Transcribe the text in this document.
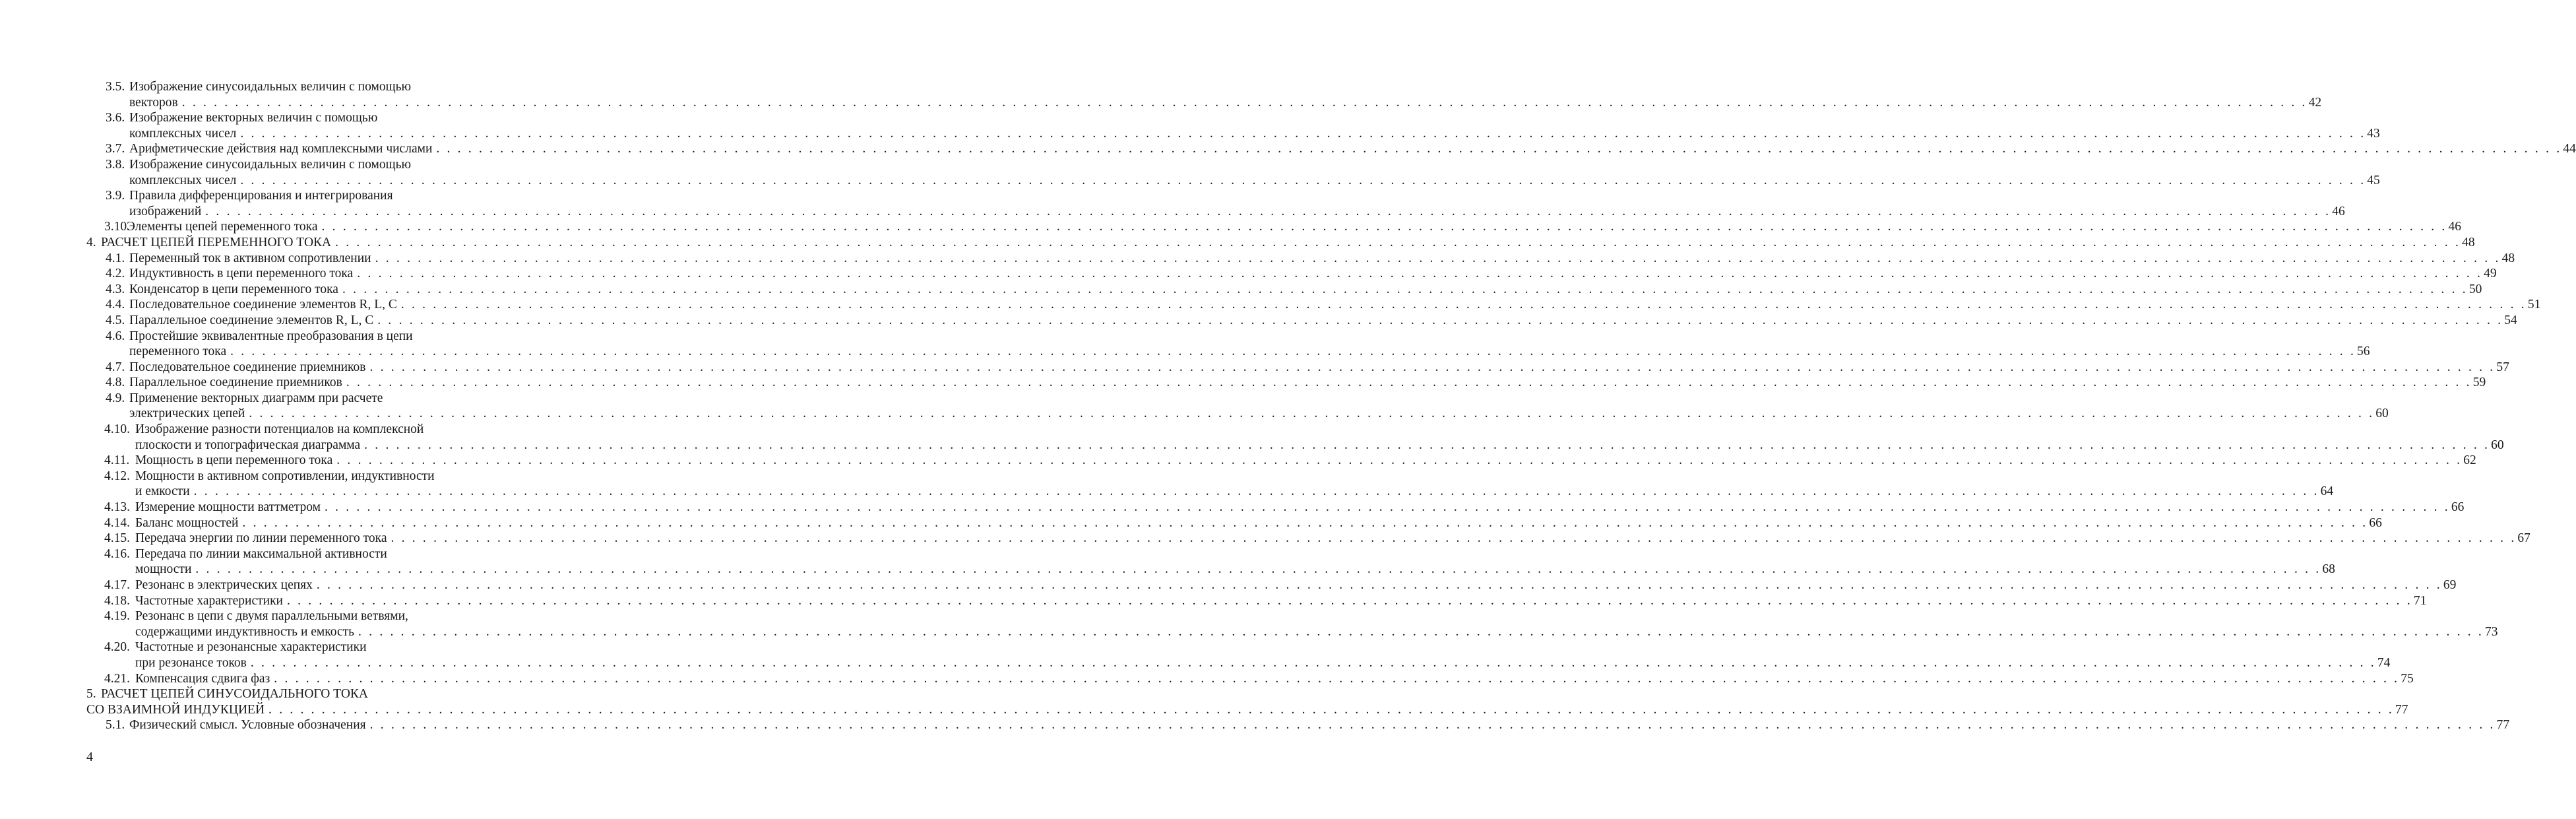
3.5. Изображение синусоидальных величин с помощью
векторов . . . . . . . . . . . . . . . . . . . . . . . . . . . . . . . . . . . . . . . . . . . . . . . . . . . . . . . . . . . . . . . . . . . . . . . . . . . . . . . . . . . . . . . . . . . . . . . . . . . . . . . . . . . . . . . . . . . . . . . . . . . . . . . . . . . . . . . . . . . . . . . . . . . . . . . . . . . . . . . . . . . . . . . . . . . . . . . . . . . . . . . . . . . . . . . . . . . . . . . . 42
3.6. Изображение векторных величин с помощью
комплексных чисел . . . . . . . . . . . . . . . . . . . . . . . . . . . . . . . . . . . . . . . . . . . . . . . . . . . . . . . . . . . . . . . . . . . . . . . . . . . . . . . . . . . . . . . . . . . . . . . . . . . . . . . . . . . . . . . . . . . . . . . . . . . . . . . . . . . . . . . . . . . . . . . . . . . . . . . . . . . . . . . . . . . . . . . . . . . . . . . . . . . . . . . . . . . . . . . . . . . . . . . . 43
3.7. Арифметические действия над комплексными числами . . . . . . . . . . . . . . . . . . . . . . . . . . . . . . . . . . . . . . . . . . . . . . . . . . . . . . . . . . . . . . . . . . . . . . . . . . . . . . . . . . . . . . . . . . . . . . . . . . . . . . . . . . . . . . . . . . . . . . . . . . . . . . . . . . . . . . . . . . . . . . . . . . . . . . . . . . . . . . . . . . . . . . . . . . . . . . . . . . . . . . . . . . . . . . . . . . . . . . . . 44
3.8. Изображение синусоидальных величин с помощью
комплексных чисел . . . . . . . . . . . . . . . . . . . . . . . . . . . . . . . . . . . . . . . . . . . . . . . . . . . . . . . . . . . . . . . . . . . . . . . . . . . . . . . . . . . . . . . . . . . . . . . . . . . . . . . . . . . . . . . . . . . . . . . . . . . . . . . . . . . . . . . . . . . . . . . . . . . . . . . . . . . . . . . . . . . . . . . . . . . . . . . . . . . . . . . . . . . . . . . . . . . . . . . . 45
3.9. Правила дифференцирования и интегрирования
изображений . . . . . . . . . . . . . . . . . . . . . . . . . . . . . . . . . . . . . . . . . . . . . . . . . . . . . . . . . . . . . . . . . . . . . . . . . . . . . . . . . . . . . . . . . . . . . . . . . . . . . . . . . . . . . . . . . . . . . . . . . . . . . . . . . . . . . . . . . . . . . . . . . . . . . . . . . . . . . . . . . . . . . . . . . . . . . . . . . . . . . . . . . . . . . . . . . . . . . . . . 46
3.10.
Элементы цепей переменного тока . . . . . . . . . . . . . . . . . . . . . . . . . . . . . . . . . . . . . . . . . . . . . . . . . . . . . . . . . . . . . . . . . . . . . . . . . . . . . . . . . . . . . . . . . . . . . . . . . . . . . . . . . . . . . . . . . . . . . . . . . . . . . . . . . . . . . . . . . . . . . . . . . . . . . . . . . . . . . . . . . . . . . . . . . . . . . . . . . . . . . . . . . . . . . . . . . . . . . . . . 46
4. РАСЧЕТ ЦЕПЕЙ ПЕРЕМЕННОГО ТОКА . . . . . . . . . . . . . . . . . . . . . . . . . . . . . . . . . . . . . . . . . . . . . . . . . . . . . . . . . . . . . . . . . . . . . . . . . . . . . . . . . . . . . . . . . . . . . . . . . . . . . . . . . . . . . . . . . . . . . . . . . . . . . . . . . . . . . . . . . . . . . . . . . . . . . . . . . . . . . . . . . . . . . . . . . . . . . . . . . . . . . . . . . . . . . . . . . . . . . . . . 48
4.1. Переменный ток в активном сопротивлении . . . . . . . . . . . . . . . . . . . . . . . . . . . . . . . . . . . . . . . . . . . . . . . . . . . . . . . . . . . . . . . . . . . . . . . . . . . . . . . . . . . . . . . . . . . . . . . . . . . . . . . . . . . . . . . . . . . . . . . . . . . . . . . . . . . . . . . . . . . . . . . . . . . . . . . . . . . . . . . . . . . . . . . . . . . . . . . . . . . . . . . . . . . . . . . . . . . . . . . . 48
4.2. Индуктивность в цепи переменного тока . . . . . . . . . . . . . . . . . . . . . . . . . . . . . . . . . . . . . . . . . . . . . . . . . . . . . . . . . . . . . . . . . . . . . . . . . . . . . . . . . . . . . . . . . . . . . . . . . . . . . . . . . . . . . . . . . . . . . . . . . . . . . . . . . . . . . . . . . . . . . . . . . . . . . . . . . . . . . . . . . . . . . . . . . . . . . . . . . . . . . . . . . . . . . . . . . . . . . . . . 49
4.3. Конденсатор в цепи переменного тока . . . . . . . . . . . . . . . . . . . . . . . . . . . . . . . . . . . . . . . . . . . . . . . . . . . . . . . . . . . . . . . . . . . . . . . . . . . . . . . . . . . . . . . . . . . . . . . . . . . . . . . . . . . . . . . . . . . . . . . . . . . . . . . . . . . . . . . . . . . . . . . . . . . . . . . . . . . . . . . . . . . . . . . . . . . . . . . . . . . . . . . . . . . . . . . . . . . . . . . . 50
4.4. Последовательное соединение элементов R, L, C . . . . . . . . . . . . . . . . . . . . . . . . . . . . . . . . . . . . . . . . . . . . . . . . . . . . . . . . . . . . . . . . . . . . . . . . . . . . . . . . . . . . . . . . . . . . . . . . . . . . . . . . . . . . . . . . . . . . . . . . . . . . . . . . . . . . . . . . . . . . . . . . . . . . . . . . . . . . . . . . . . . . . . . . . . . . . . . . . . . . . . . . . . . . . . . . . . . . . . . . 51
4.5. Параллельное соединение элементов R, L, C . . . . . . . . . . . . . . . . . . . . . . . . . . . . . . . . . . . . . . . . . . . . . . . . . . . . . . . . . . . . . . . . . . . . . . . . . . . . . . . . . . . . . . . . . . . . . . . . . . . . . . . . . . . . . . . . . . . . . . . . . . . . . . . . . . . . . . . . . . . . . . . . . . . . . . . . . . . . . . . . . . . . . . . . . . . . . . . . . . . . . . . . . . . . . . . . . . . . . . . . 54
4.6. Простейшие эквивалентные преобразования в цепи
переменного тока . . . . . . . . . . . . . . . . . . . . . . . . . . . . . . . . . . . . . . . . . . . . . . . . . . . . . . . . . . . . . . . . . . . . . . . . . . . . . . . . . . . . . . . . . . . . . . . . . . . . . . . . . . . . . . . . . . . . . . . . . . . . . . . . . . . . . . . . . . . . . . . . . . . . . . . . . . . . . . . . . . . . . . . . . . . . . . . . . . . . . . . . . . . . . . . . . . . . . . . . 56
4.7. Последовательное соединение приемников . . . . . . . . . . . . . . . . . . . . . . . . . . . . . . . . . . . . . . . . . . . . . . . . . . . . . . . . . . . . . . . . . . . . . . . . . . . . . . . . . . . . . . . . . . . . . . . . . . . . . . . . . . . . . . . . . . . . . . . . . . . . . . . . . . . . . . . . . . . . . . . . . . . . . . . . . . . . . . . . . . . . . . . . . . . . . . . . . . . . . . . . . . . . . . . . . . . . . . . . 57
4.8. Параллельное соединение приемников . . . . . . . . . . . . . . . . . . . . . . . . . . . . . . . . . . . . . . . . . . . . . . . . . . . . . . . . . . . . . . . . . . . . . . . . . . . . . . . . . . . . . . . . . . . . . . . . . . . . . . . . . . . . . . . . . . . . . . . . . . . . . . . . . . . . . . . . . . . . . . . . . . . . . . . . . . . . . . . . . . . . . . . . . . . . . . . . . . . . . . . . . . . . . . . . . . . . . . . . 59
4.9. Применение векторных диаграмм при расчете
электрических цепей . . . . . . . . . . . . . . . . . . . . . . . . . . . . . . . . . . . . . . . . . . . . . . . . . . . . . . . . . . . . . . . . . . . . . . . . . . . . . . . . . . . . . . . . . . . . . . . . . . . . . . . . . . . . . . . . . . . . . . . . . . . . . . . . . . . . . . . . . . . . . . . . . . . . . . . . . . . . . . . . . . . . . . . . . . . . . . . . . . . . . . . . . . . . . . . . . . . . . . . . 60
4.10. Изображение разности потенциалов на комплексной
плоскости и топографическая диаграмма . . . . . . . . . . . . . . . . . . . . . . . . . . . . . . . . . . . . . . . . . . . . . . . . . . . . . . . . . . . . . . . . . . . . . . . . . . . . . . . . . . . . . . . . . . . . . . . . . . . . . . . . . . . . . . . . . . . . . . . . . . . . . . . . . . . . . . . . . . . . . . . . . . . . . . . . . . . . . . . . . . . . . . . . . . . . . . . . . . . . . . . . . . . . . . . . . . . . . . . . 60
4.11. Мощность в цепи переменного тока . . . . . . . . . . . . . . . . . . . . . . . . . . . . . . . . . . . . . . . . . . . . . . . . . . . . . . . . . . . . . . . . . . . . . . . . . . . . . . . . . . . . . . . . . . . . . . . . . . . . . . . . . . . . . . . . . . . . . . . . . . . . . . . . . . . . . . . . . . . . . . . . . . . . . . . . . . . . . . . . . . . . . . . . . . . . . . . . . . . . . . . . . . . . . . . . . . . . . . . . 62
4.12. Мощности в активном сопротивлении, индуктивности
и емкости . . . . . . . . . . . . . . . . . . . . . . . . . . . . . . . . . . . . . . . . . . . . . . . . . . . . . . . . . . . . . . . . . . . . . . . . . . . . . . . . . . . . . . . . . . . . . . . . . . . . . . . . . . . . . . . . . . . . . . . . . . . . . . . . . . . . . . . . . . . . . . . . . . . . . . . . . . . . . . . . . . . . . . . . . . . . . . . . . . . . . . . . . . . . . . . . . . . . . . . . 64
4.13. Измерение мощности ваттметром . . . . . . . . . . . . . . . . . . . . . . . . . . . . . . . . . . . . . . . . . . . . . . . . . . . . . . . . . . . . . . . . . . . . . . . . . . . . . . . . . . . . . . . . . . . . . . . . . . . . . . . . . . . . . . . . . . . . . . . . . . . . . . . . . . . . . . . . . . . . . . . . . . . . . . . . . . . . . . . . . . . . . . . . . . . . . . . . . . . . . . . . . . . . . . . . . . . . . . . . 66
4.14. Баланс мощностей . . . . . . . . . . . . . . . . . . . . . . . . . . . . . . . . . . . . . . . . . . . . . . . . . . . . . . . . . . . . . . . . . . . . . . . . . . . . . . . . . . . . . . . . . . . . . . . . . . . . . . . . . . . . . . . . . . . . . . . . . . . . . . . . . . . . . . . . . . . . . . . . . . . . . . . . . . . . . . . . . . . . . . . . . . . . . . . . . . . . . . . . . . . . . . . . . . . . . . . . 66
4.15. Передача энергии по линии переменного тока . . . . . . . . . . . . . . . . . . . . . . . . . . . . . . . . . . . . . . . . . . . . . . . . . . . . . . . . . . . . . . . . . . . . . . . . . . . . . . . . . . . . . . . . . . . . . . . . . . . . . . . . . . . . . . . . . . . . . . . . . . . . . . . . . . . . . . . . . . . . . . . . . . . . . . . . . . . . . . . . . . . . . . . . . . . . . . . . . . . . . . . . . . . . . . . . . . . . . . . . 67
4.16. Передача по линии максимальной активности
мощности . . . . . . . . . . . . . . . . . . . . . . . . . . . . . . . . . . . . . . . . . . . . . . . . . . . . . . . . . . . . . . . . . . . . . . . . . . . . . . . . . . . . . . . . . . . . . . . . . . . . . . . . . . . . . . . . . . . . . . . . . . . . . . . . . . . . . . . . . . . . . . . . . . . . . . . . . . . . . . . . . . . . . . . . . . . . . . . . . . . . . . . . . . . . . . . . . . . . . . . . 68
4.17. Резонанс в электрических цепях . . . . . . . . . . . . . . . . . . . . . . . . . . . . . . . . . . . . . . . . . . . . . . . . . . . . . . . . . . . . . . . . . . . . . . . . . . . . . . . . . . . . . . . . . . . . . . . . . . . . . . . . . . . . . . . . . . . . . . . . . . . . . . . . . . . . . . . . . . . . . . . . . . . . . . . . . . . . . . . . . . . . . . . . . . . . . . . . . . . . . . . . . . . . . . . . . . . . . . . . 69
4.18. Частотные характеристики . . . . . . . . . . . . . . . . . . . . . . . . . . . . . . . . . . . . . . . . . . . . . . . . . . . . . . . . . . . . . . . . . . . . . . . . . . . . . . . . . . . . . . . . . . . . . . . . . . . . . . . . . . . . . . . . . . . . . . . . . . . . . . . . . . . . . . . . . . . . . . . . . . . . . . . . . . . . . . . . . . . . . . . . . . . . . . . . . . . . . . . . . . . . . . . . . . . . . . . . 71
4.19. Резонанс в цепи с двумя параллельными ветвями,
содержащими индуктивность и емкость . . . . . . . . . . . . . . . . . . . . . . . . . . . . . . . . . . . . . . . . . . . . . . . . . . . . . . . . . . . . . . . . . . . . . . . . . . . . . . . . . . . . . . . . . . . . . . . . . . . . . . . . . . . . . . . . . . . . . . . . . . . . . . . . . . . . . . . . . . . . . . . . . . . . . . . . . . . . . . . . . . . . . . . . . . . . . . . . . . . . . . . . . . . . . . . . . . . . . . . . 73
4.20. Частотные и резонансные характеристики
при резонансе токов . . . . . . . . . . . . . . . . . . . . . . . . . . . . . . . . . . . . . . . . . . . . . . . . . . . . . . . . . . . . . . . . . . . . . . . . . . . . . . . . . . . . . . . . . . . . . . . . . . . . . . . . . . . . . . . . . . . . . . . . . . . . . . . . . . . . . . . . . . . . . . . . . . . . . . . . . . . . . . . . . . . . . . . . . . . . . . . . . . . . . . . . . . . . . . . . . . . . . . . . 74
4.21. Компенсация сдвига фаз . . . . . . . . . . . . . . . . . . . . . . . . . . . . . . . . . . . . . . . . . . . . . . . . . . . . . . . . . . . . . . . . . . . . . . . . . . . . . . . . . . . . . . . . . . . . . . . . . . . . . . . . . . . . . . . . . . . . . . . . . . . . . . . . . . . . . . . . . . . . . . . . . . . . . . . . . . . . . . . . . . . . . . . . . . . . . . . . . . . . . . . . . . . . . . . . . . . . . . . . 75
5. РАСЧЕТ ЦЕПЕЙ СИНУСОИДАЛЬНОГО ТОКА
СО ВЗАИМНОЙ ИНДУКЦИЕЙ . . . . . . . . . . . . . . . . . . . . . . . . . . . . . . . . . . . . . . . . . . . . . . . . . . . . . . . . . . . . . . . . . . . . . . . . . . . . . . . . . . . . . . . . . . . . . . . . . . . . . . . . . . . . . . . . . . . . . . . . . . . . . . . . . . . . . . . . . . . . . . . . . . . . . . . . . . . . . . . . . . . . . . . . . . . . . . . . . . . . . . . . . . . . . . . . . . . . . . . . 77
5.1. Физический смысл. Условные обозначения . . . . . . . . . . . . . . . . . . . . . . . . . . . . . . . . . . . . . . . . . . . . . . . . . . . . . . . . . . . . . . . . . . . . . . . . . . . . . . . . . . . . . . . . . . . . . . . . . . . . . . . . . . . . . . . . . . . . . . . . . . . . . . . . . . . . . . . . . . . . . . . . . . . . . . . . . . . . . . . . . . . . . . . . . . . . . . . . . . . . . . . . . . . . . . . . . . . . . . . . 77
4
